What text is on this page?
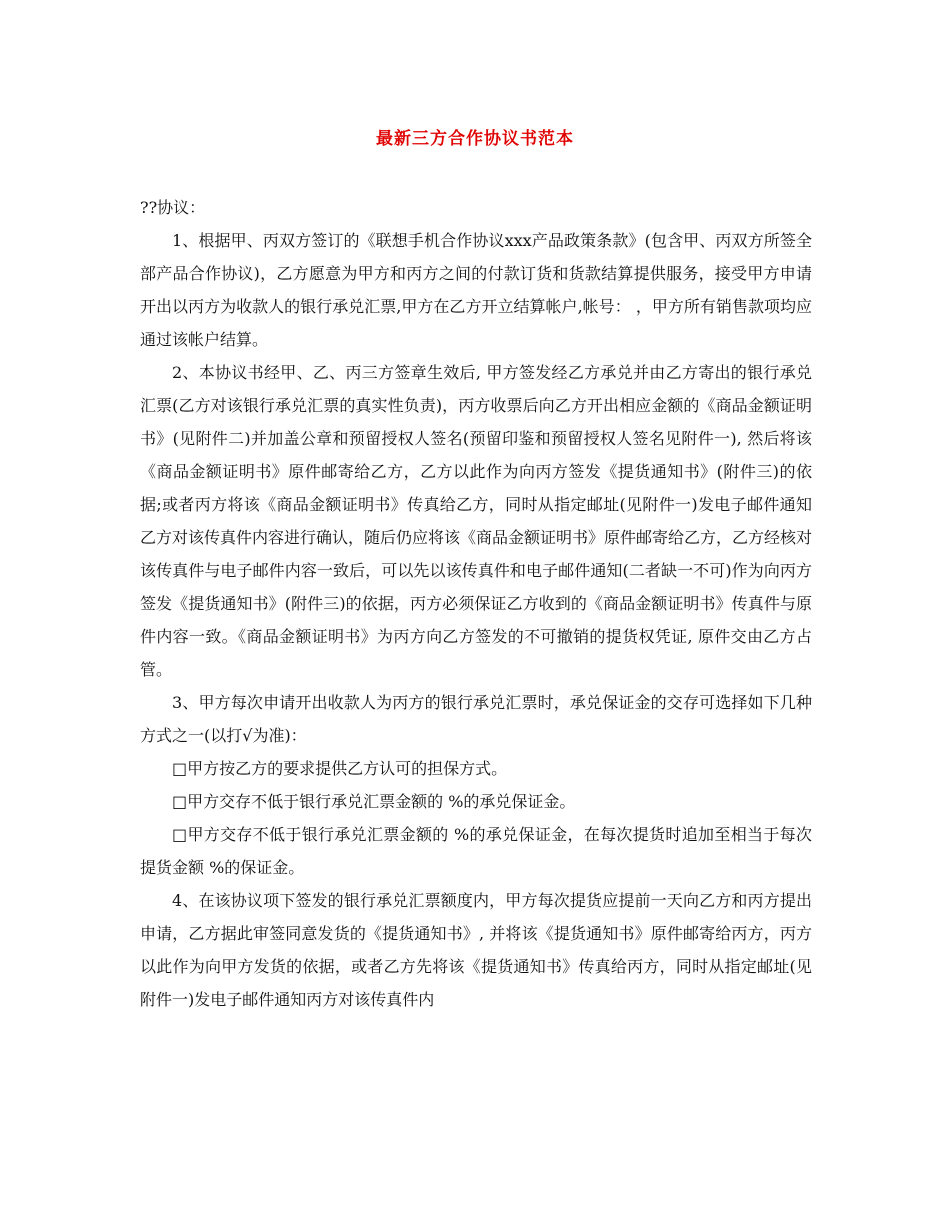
最新三方合作协议书范本

??协议：

1、根据甲、丙双方签订的《联想手机合作协议xxx产品政策条款》(包含甲、丙双方所签全部产品合作协议)，乙方愿意为甲方和丙方之间的付款订货和货款结算提供服务，接受甲方申请开出以丙方为收款人的银行承兑汇票,甲方在乙方开立结算帐户,帐号： ，甲方所有销售款项均应通过该帐户结算。

2、本协议书经甲、乙、丙三方签章生效后, 甲方签发经乙方承兑并由乙方寄出的银行承兑汇票(乙方对该银行承兑汇票的真实性负责)，丙方收票后向乙方开出相应金额的《商品金额证明书》(见附件二)并加盖公章和预留授权人签名(预留印鉴和预留授权人签名见附件一), 然后将该《商品金额证明书》原件邮寄给乙方，乙方以此作为向丙方签发《提货通知书》(附件三)的依据;或者丙方将该《商品金额证明书》传真给乙方，同时从指定邮址(见附件一)发电子邮件通知乙方对该传真件内容进行确认，随后仍应将该《商品金额证明书》原件邮寄给乙方，乙方经核对该传真件与电子邮件内容一致后，可以先以该传真件和电子邮件通知(二者缺一不可)作为向丙方签发《提货通知书》(附件三)的依据，丙方必须保证乙方收到的《商品金额证明书》传真件与原件内容一致。《商品金额证明书》为丙方向乙方签发的不可撤销的提货权凭证, 原件交由乙方占管。

3、甲方每次申请开出收款人为丙方的银行承兑汇票时，承兑保证金的交存可选择如下几种方式之一(以打√为准)：

□甲方按乙方的要求提供乙方认可的担保方式。

□甲方交存不低于银行承兑汇票金额的 %的承兑保证金。

□甲方交存不低于银行承兑汇票金额的 %的承兑保证金，在每次提货时追加至相当于每次提货金额 %的保证金。

4、在该协议项下签发的银行承兑汇票额度内，甲方每次提货应提前一天向乙方和丙方提出申请，乙方据此审签同意发货的《提货通知书》, 并将该《提货通知书》原件邮寄给丙方，丙方以此作为向甲方发货的依据，或者乙方先将该《提货通知书》传真给丙方，同时从指定邮址(见附件一)发电子邮件通知丙方对该传真件内
